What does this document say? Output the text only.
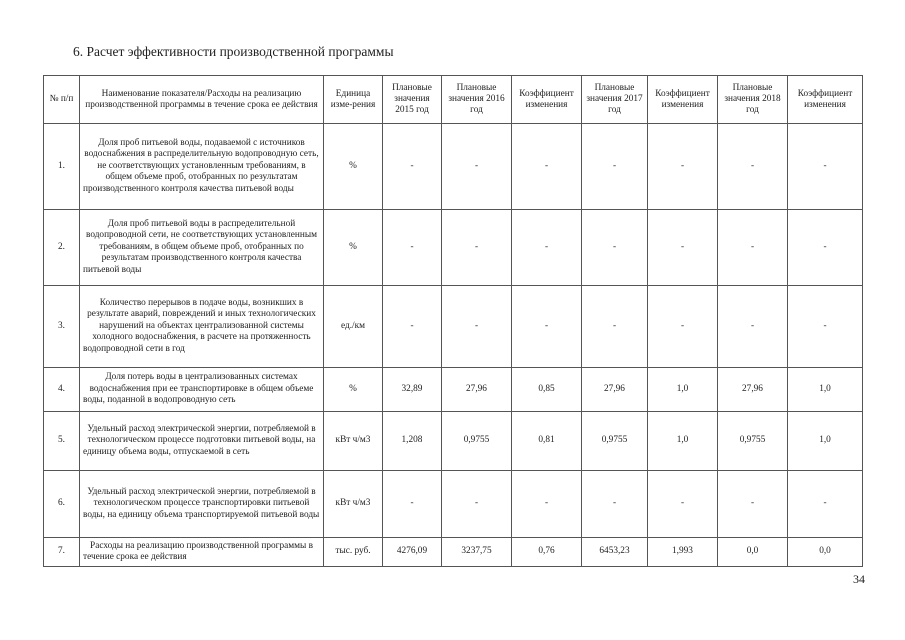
6. Расчет эффективности производственной программы
№ п/п	Наименование показателя/Расходы на реализацию производственной программы в течение срока ее действия	Единица изме-рения	Плановые значения 2015 год	Плановые значения 2016 год	Коэффициент изменения	Плановые значения 2017 год	Коэффициент изменения	Плановые значения 2018 год	Коэффициент изменения
1.	Доля проб питьевой воды, подаваемой с источников водоснабжения в распределительную водопроводную сеть, не соответствующих установленным требованиям, в общем объеме проб, отобранных по результатам производственного контроля качества питьевой воды	%	-	-	-	-	-	-	-
2.	Доля проб питьевой воды в распределительной водопроводной сети, не соответствующих установленным требованиям, в общем объеме проб, отобранных по результатам производственного контроля качества питьевой воды	%	-	-	-	-	-	-	-
3.	Количество перерывов в подаче воды, возникших в результате аварий, повреждений и иных технологических нарушений на объектах централизованной системы холодного водоснабжения, в расчете на протяженность водопроводной сети в год	ед./км	-	-	-	-	-	-	-
4.	Доля потерь воды в централизованных системах водоснабжения при ее транспортировке в общем объеме воды, поданной в водопроводную сеть	%	32,89	27,96	0,85	27,96	1,0	27,96	1,0
5.	Удельный расход электрической энергии, потребляемой в технологическом процессе подготовки питьевой воды, на единицу объема воды, отпускаемой в сеть	кВт ч/м3	1,208	0,9755	0,81	0,9755	1,0	0,9755	1,0
6.	Удельный расход электрической энергии, потребляемой в технологическом процессе транспортировки питьевой воды, на единицу объема транспортируемой питьевой воды	кВт ч/м3	-	-	-	-	-	-	-
7.	Расходы на реализацию производственной программы в течение срока ее действия	тыс. руб.	4276,09	3237,75	0,76	6453,23	1,993	0,0	0,0
34
